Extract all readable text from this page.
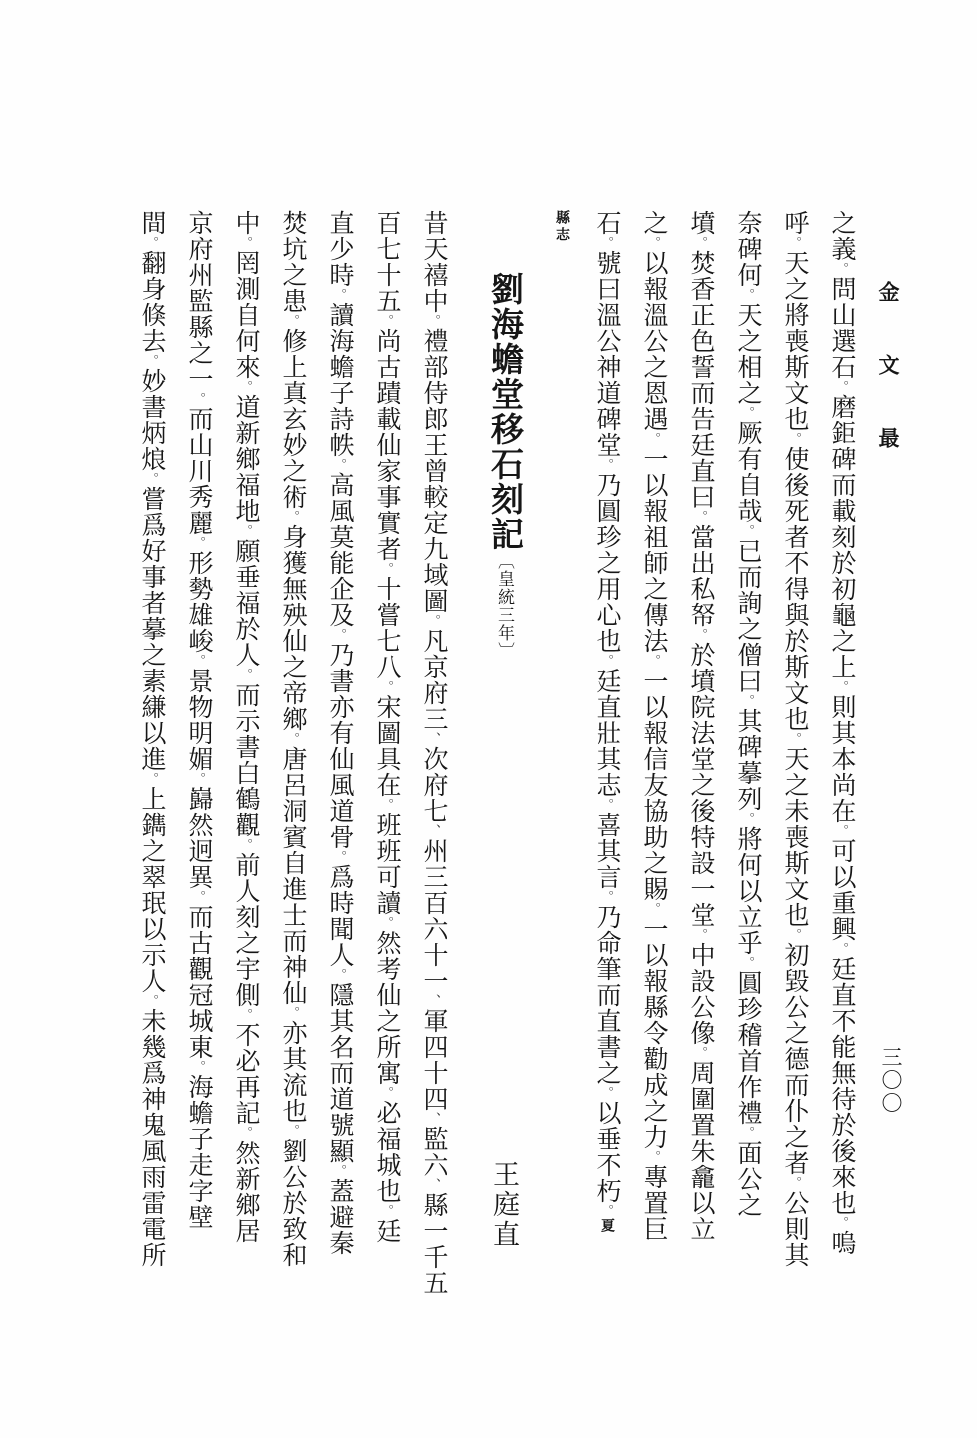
金文最
三〇〇
之義。問山選石。磨鉅碑而載刻於初龜之上。則其本尚在。可以重興。廷直不能無待於後來也。嗚
呼。天之將喪斯文也。使後死者不得與於斯文也。天之未喪斯文也。初毀公之德而仆之者。公則其
奈碑何。天之相之。厥有自哉。已而詢之僧曰。其碑摹列。將何以立乎。圓珍稽首作禮。面公之
墳。焚香正色誓而告廷直曰。當出私帑。於墳院法堂之後特設一堂。中設公像。周圍置朱龕以立
之。以報溫公之恩遇。一以報祖師之傳法。一以報信友協助之賜。一以報縣令勸成之力。專置巨
石。號曰溫公神道碑堂。乃圓珍之用心也。廷直壯其志。喜其言。乃命筆而直書之。以垂不朽。夏
縣志
劉海蟾堂移石刻記〔皇統三年〕王庭直
昔天禧中。禮部侍郎王曾較定九域圖。凡京府三、次府七、州三百六十一、軍四十四、監六、縣一千五
百七十五。尚古蹟載仙家事實者。十嘗七八。宋圖具在。班班可讀。然考仙之所寓。必福城也。廷
直少時。讀海蟾子詩帙。高風莫能企及。乃書亦有仙風道骨。爲時聞人。隱其名而道號顯。蓋避秦
焚坑之患。修上真玄妙之術。身獲無殃仙之帝鄉。唐呂洞賓自進士而神仙。亦其流也。劉公於致和
中。罔測自何來。道新鄉福地。願垂福於人。而示書白鶴觀。前人刻之宇側。不必再記。然新鄉居
京府州監縣之一。而山川秀麗。形勢雄峻。景物明媚。巋然迥異。而古觀冠城東。海蟾子走字壁
間。翻身倏去。妙書炳烺。嘗爲好事者摹之素縑以進。上鐫之翠珉以示人。未幾爲神鬼風雨雷電所
